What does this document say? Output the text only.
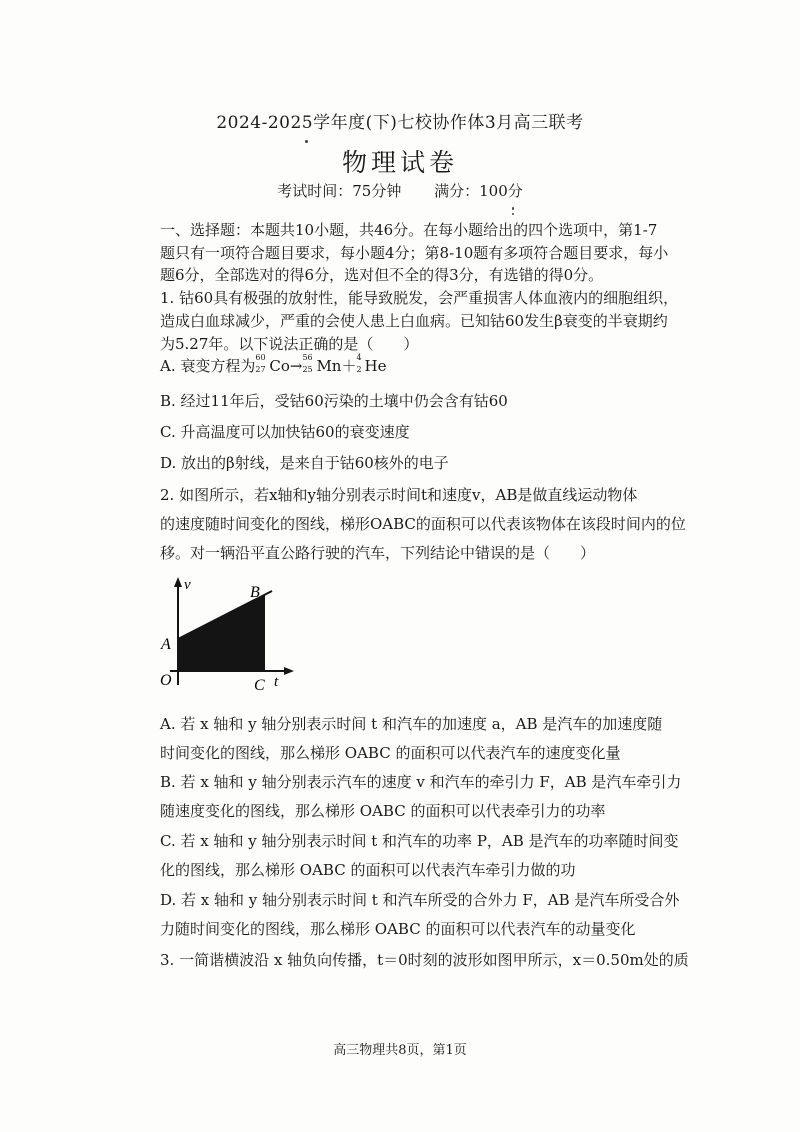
2024-2025学年度(下)七校协作体3月高三联考
物理试卷
考试时间：75分钟 满分：100分
一、选择题：本题共10小题，共46分。在每小题给出的四个选项中，第1-7
题只有一项符合题目要求，每小题4分；第8-10题有多项符合题目要求，每小
题6分，全部选对的得6分，选对但不全的得3分，有选错的得0分。
1. 钴60具有极强的放射性，能导致脱发，会严重损害人体血液内的细胞组织，
造成白血球减少，严重的会使人患上白血病。已知钴60发生β衰变的半衰期约
为5.27年。以下说法正确的是（　　）
A. 衰变方程为 60
27 Co→ 56
25 Mn＋ 4
2 He
B. 经过11年后，受钴60污染的土壤中仍会含有钴60
C. 升高温度可以加快钴60的衰变速度
D. 放出的β射线，是来自于钴60核外的电子
2. 如图所示，若x轴和y轴分别表示时间t和速度v，AB是做直线运动物体
的速度随时间变化的图线，梯形OABC的面积可以代表该物体在该段时间内的位
移。对一辆沿平直公路行驶的汽车，下列结论中错误的是（　　）
v	B
A
O	C t
A. 若 x 轴和 y 轴分别表示时间 t 和汽车的加速度 a，AB 是汽车的加速度随
时间变化的图线，那么梯形 OABC 的面积可以代表汽车的速度变化量
B. 若 x 轴和 y 轴分别表示汽车的速度 v 和汽车的牵引力 F，AB 是汽车牵引力
随速度变化的图线，那么梯形 OABC 的面积可以代表牵引力的功率
C. 若 x 轴和 y 轴分别表示时间 t 和汽车的功率 P，AB 是汽车的功率随时间变
化的图线，那么梯形 OABC 的面积可以代表汽车牵引力做的功
D. 若 x 轴和 y 轴分别表示时间 t 和汽车所受的合外力 F，AB 是汽车所受合外
力随时间变化的图线，那么梯形 OABC 的面积可以代表汽车的动量变化
3. 一简谐横波沿 x 轴负向传播，t＝0时刻的波形如图甲所示，x＝0.50m处的质
高三物理共8页，第1页
